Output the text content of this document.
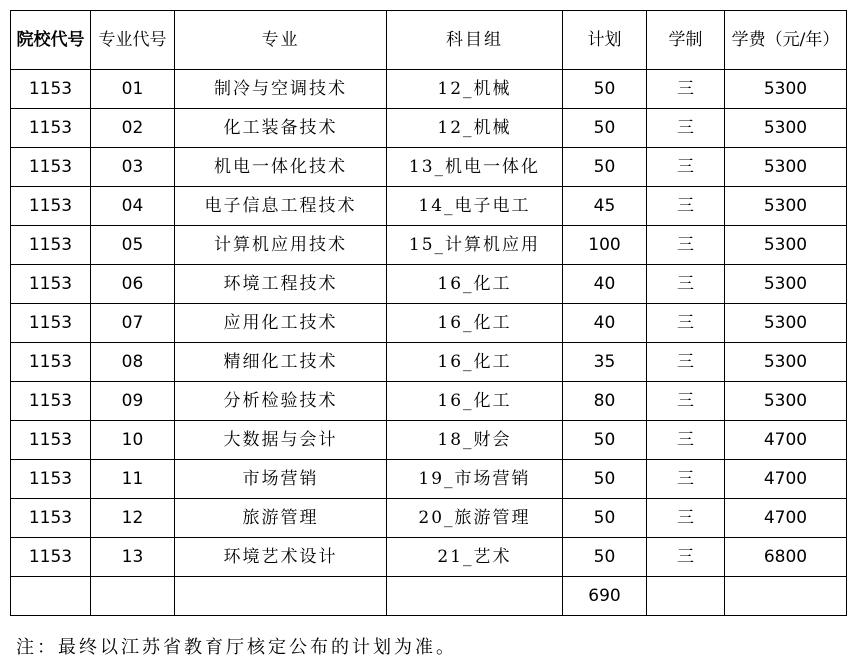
院校代号	专业代号	专业	科目组	计划	学制	学费（元/年）
1153	01	制冷与空调技术	12_机械	50	三	5300
1153	02	化工装备技术	12_机械	50	三	5300
1153	03	机电一体化技术	13_机电一体化	50	三	5300
1153	04	电子信息工程技术	14_电子电工	45	三	5300
1153	05	计算机应用技术	15_计算机应用	100	三	5300
1153	06	环境工程技术	16_化工	40	三	5300
1153	07	应用化工技术	16_化工	40	三	5300
1153	08	精细化工技术	16_化工	35	三	5300
1153	09	分析检验技术	16_化工	80	三	5300
1153	10	大数据与会计	18_财会	50	三	4700
1153	11	市场营销	19_市场营销	50	三	4700
1153	12	旅游管理	20_旅游管理	50	三	4700
1153	13	环境艺术设计	21_艺术	50	三	6800
				690		
注：最终以江苏省教育厅核定公布的计划为准。
